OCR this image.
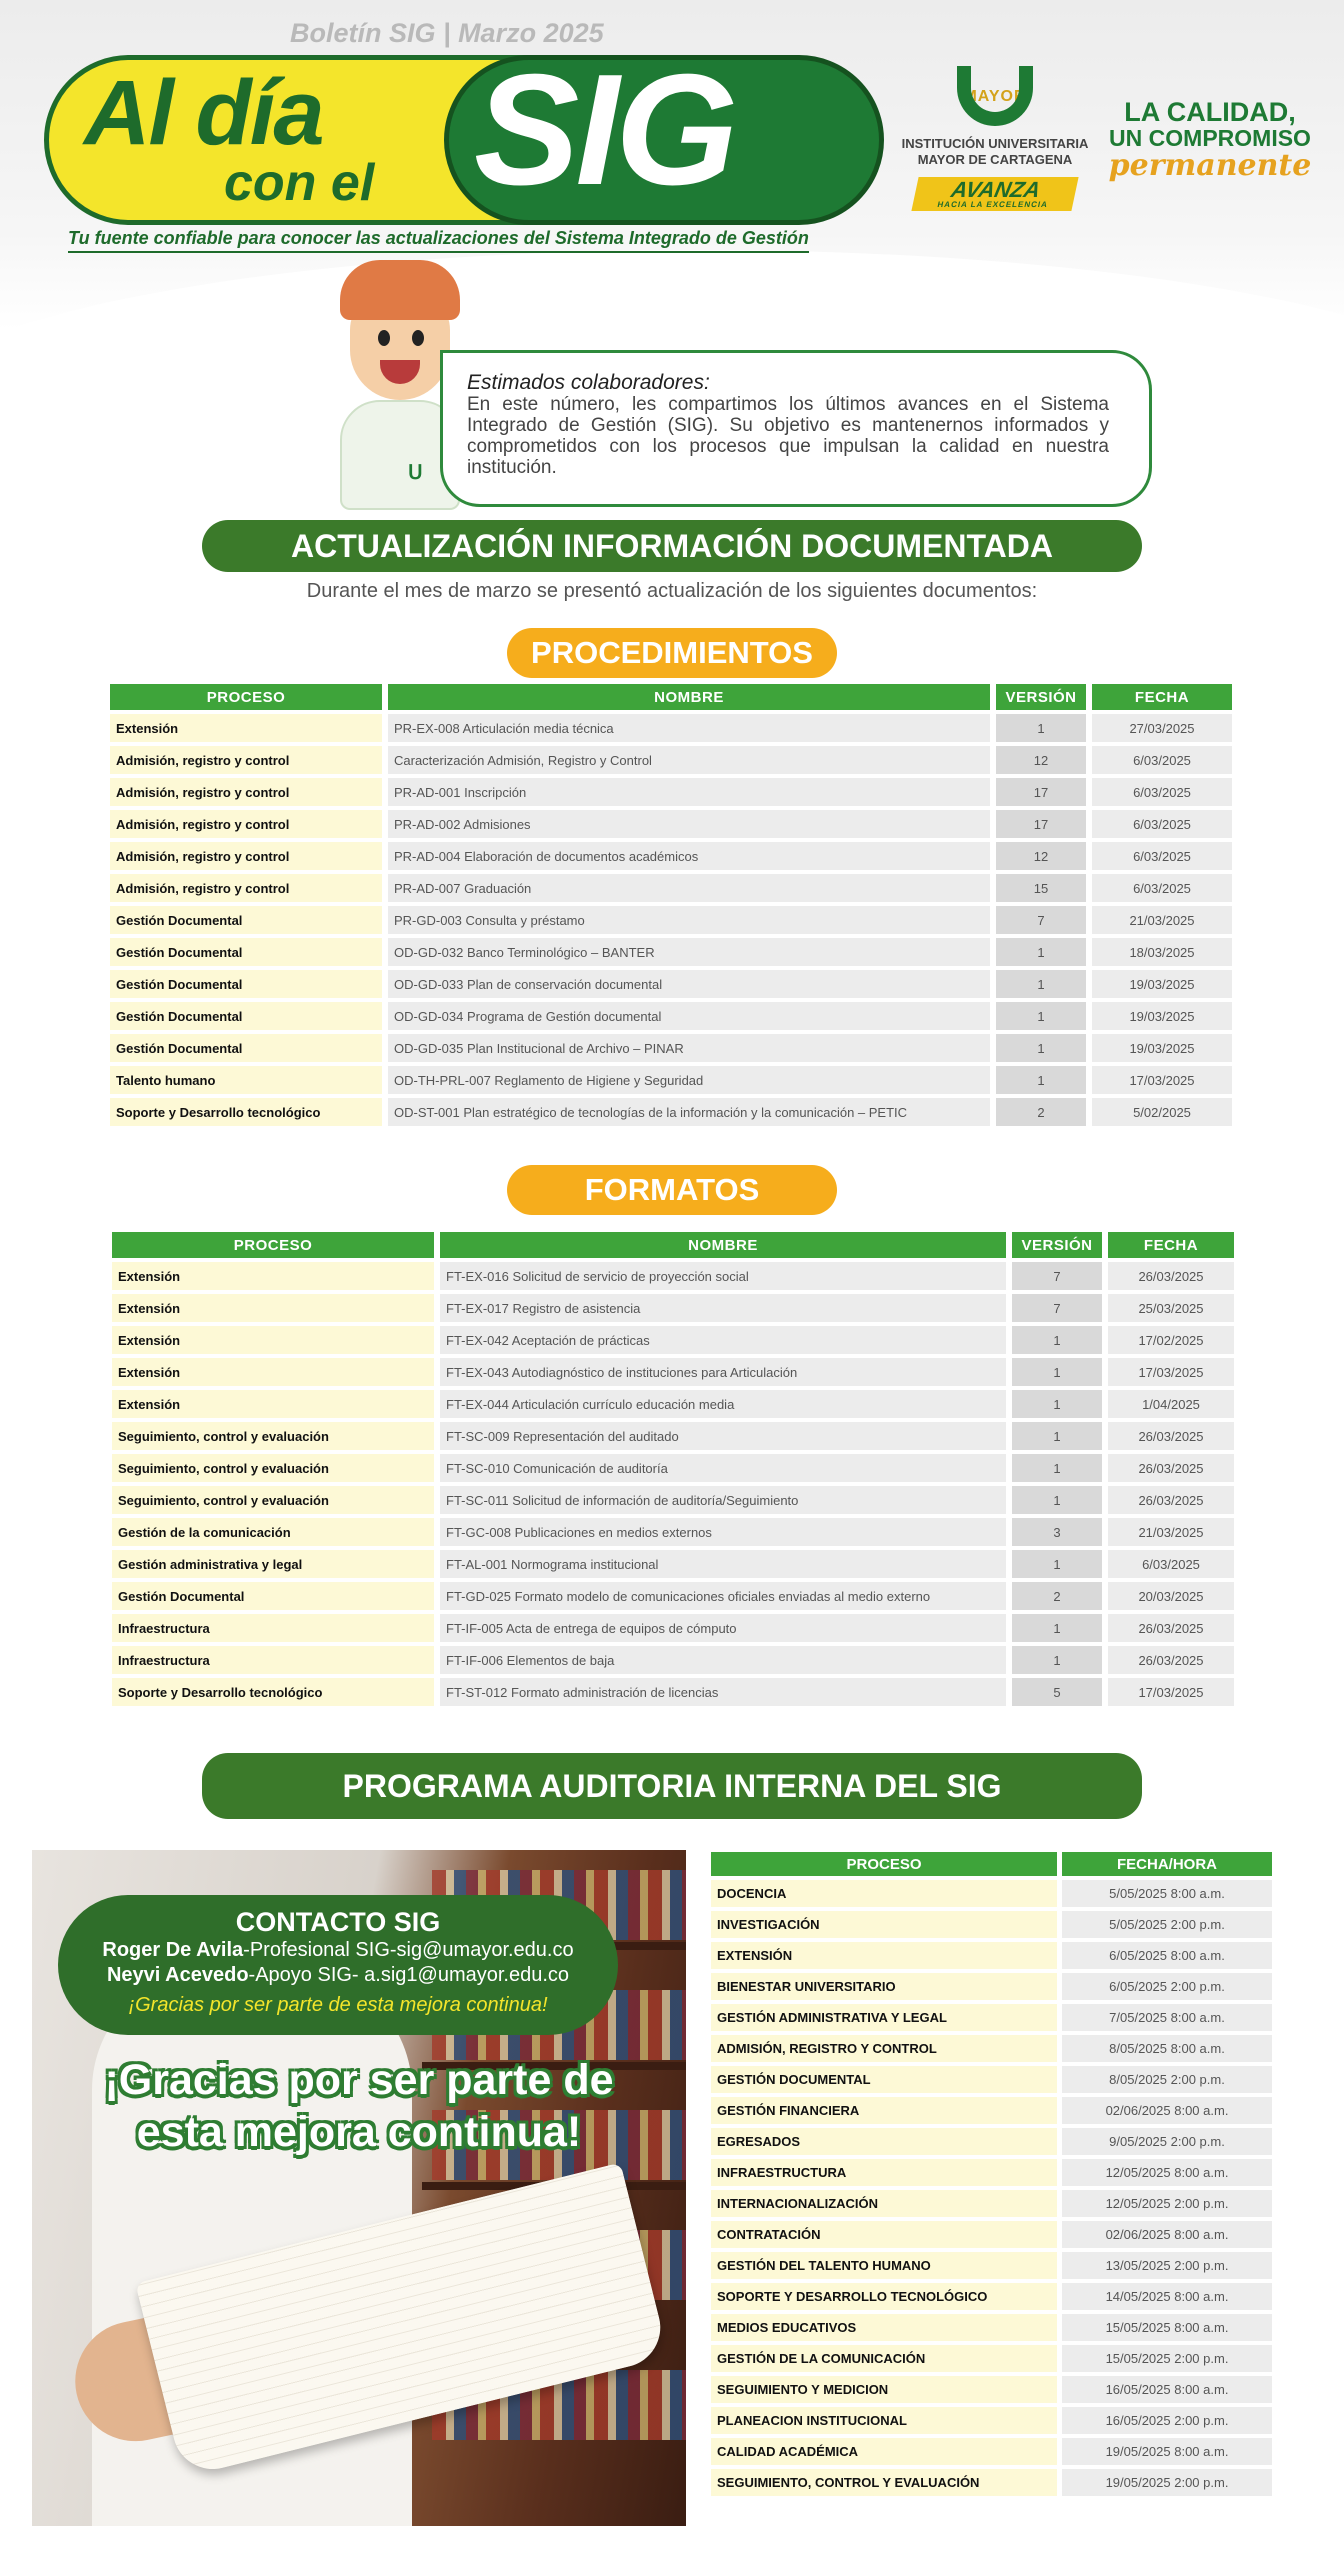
Boletín SIG | Marzo 2025
Al día
con el SIG
Tu fuente confiable para conocer las actualizaciones del Sistema Integrado de Gestión
MAYOR
INSTITUCIÓN UNIVERSITARIA
MAYOR DE CARTAGENA
AVANZA
HACIA LA EXCELENCIA
LA CALIDAD,
UN COMPROMISO
permanente
ᑌ
Estimados colaboradores:
En este número, les compartimos los últimos avances en el Sistema Integrado de Gestión (SIG). Su objetivo es mantenernos informados y comprometidos con los procesos que impulsan la calidad en nuestra institución.
ACTUALIZACIÓN INFORMACIÓN DOCUMENTADA
Durante el mes de marzo se presentó actualización de los siguientes documentos:
PROCEDIMIENTOS
PROCESO	NOMBRE	VERSIÓN	FECHA
Extensión	PR-EX-008 Articulación media técnica	1	27/03/2025
Admisión, registro y control	Caracterización Admisión, Registro y Control	12	6/03/2025
Admisión, registro y control	PR-AD-001 Inscripción	17	6/03/2025
Admisión, registro y control	PR-AD-002 Admisiones	17	6/03/2025
Admisión, registro y control	PR-AD-004 Elaboración de documentos académicos	12	6/03/2025
Admisión, registro y control	PR-AD-007 Graduación	15	6/03/2025
Gestión Documental	PR-GD-003 Consulta y préstamo	7	21/03/2025
Gestión Documental	OD-GD-032 Banco Terminológico – BANTER	1	18/03/2025
Gestión Documental	OD-GD-033 Plan de conservación documental	1	19/03/2025
Gestión Documental	OD-GD-034 Programa de Gestión documental	1	19/03/2025
Gestión Documental	OD-GD-035 Plan Institucional de Archivo – PINAR	1	19/03/2025
Talento humano	OD-TH-PRL-007 Reglamento de Higiene y Seguridad	1	17/03/2025
Soporte y Desarrollo tecnológico	OD-ST-001 Plan estratégico de tecnologías de la información y la comunicación – PETIC	2	5/02/2025
FORMATOS
PROCESO	NOMBRE	VERSIÓN	FECHA
Extensión	FT-EX-016 Solicitud de servicio de proyección social	7	26/03/2025
Extensión	FT-EX-017 Registro de asistencia	7	25/03/2025
Extensión	FT-EX-042 Aceptación de prácticas	1	17/02/2025
Extensión	FT-EX-043 Autodiagnóstico de instituciones para Articulación	1	17/03/2025
Extensión	FT-EX-044 Articulación currículo educación media	1	1/04/2025
Seguimiento, control y evaluación	FT-SC-009 Representación del auditado	1	26/03/2025
Seguimiento, control y evaluación	FT-SC-010 Comunicación de auditoría	1	26/03/2025
Seguimiento, control y evaluación	FT-SC-011 Solicitud de información de auditoría/Seguimiento	1	26/03/2025
Gestión de la comunicación	FT-GC-008 Publicaciones en medios externos	3	21/03/2025
Gestión administrativa y legal	FT-AL-001 Normograma institucional	1	6/03/2025
Gestión Documental	FT-GD-025 Formato modelo de comunicaciones oficiales enviadas al medio externo	2	20/03/2025
Infraestructura	FT-IF-005 Acta de entrega de equipos de cómputo	1	26/03/2025
Infraestructura	FT-IF-006 Elementos de baja	1	26/03/2025
Soporte y Desarrollo tecnológico	FT-ST-012 Formato administración de licencias	5	17/03/2025
PROGRAMA AUDITORIA INTERNA DEL SIG
CONTACTO SIG
Roger De Avila-Profesional SIG-sig@umayor.edu.co
Neyvi Acevedo-Apoyo SIG- a.sig1@umayor.edu.co
¡Gracias por ser parte de esta mejora continua!
¡Gracias por ser parte de
esta mejora continua!
PROCESO	FECHA/HORA
DOCENCIA	5/05/2025 8:00 a.m.
INVESTIGACIÓN	5/05/2025 2:00 p.m.
EXTENSIÓN	6/05/2025 8:00 a.m.
BIENESTAR UNIVERSITARIO	6/05/2025 2:00 p.m.
GESTIÓN ADMINISTRATIVA Y LEGAL	7/05/2025 8:00 a.m.
ADMISIÓN, REGISTRO Y CONTROL	8/05/2025 8:00 a.m.
GESTIÓN DOCUMENTAL	8/05/2025 2:00 p.m.
GESTIÓN FINANCIERA	02/06/2025 8:00 a.m.
EGRESADOS	9/05/2025 2:00 p.m.
INFRAESTRUCTURA	12/05/2025 8:00 a.m.
INTERNACIONALIZACIÓN	12/05/2025 2:00 p.m.
CONTRATACIÓN	02/06/2025 8:00 a.m.
GESTIÓN DEL TALENTO HUMANO	13/05/2025 2:00 p.m.
SOPORTE Y DESARROLLO TECNOLÓGICO	14/05/2025 8:00 a.m.
MEDIOS EDUCATIVOS	15/05/2025 8:00 a.m.
GESTIÓN DE LA COMUNICACIÓN	15/05/2025 2:00 p.m.
SEGUIMIENTO Y MEDICION	16/05/2025 8:00 a.m.
PLANEACION INSTITUCIONAL	16/05/2025 2:00 p.m.
CALIDAD ACADÉMICA	19/05/2025 8:00 a.m.
SEGUIMIENTO, CONTROL Y EVALUACIÓN	19/05/2025 2:00 p.m.
